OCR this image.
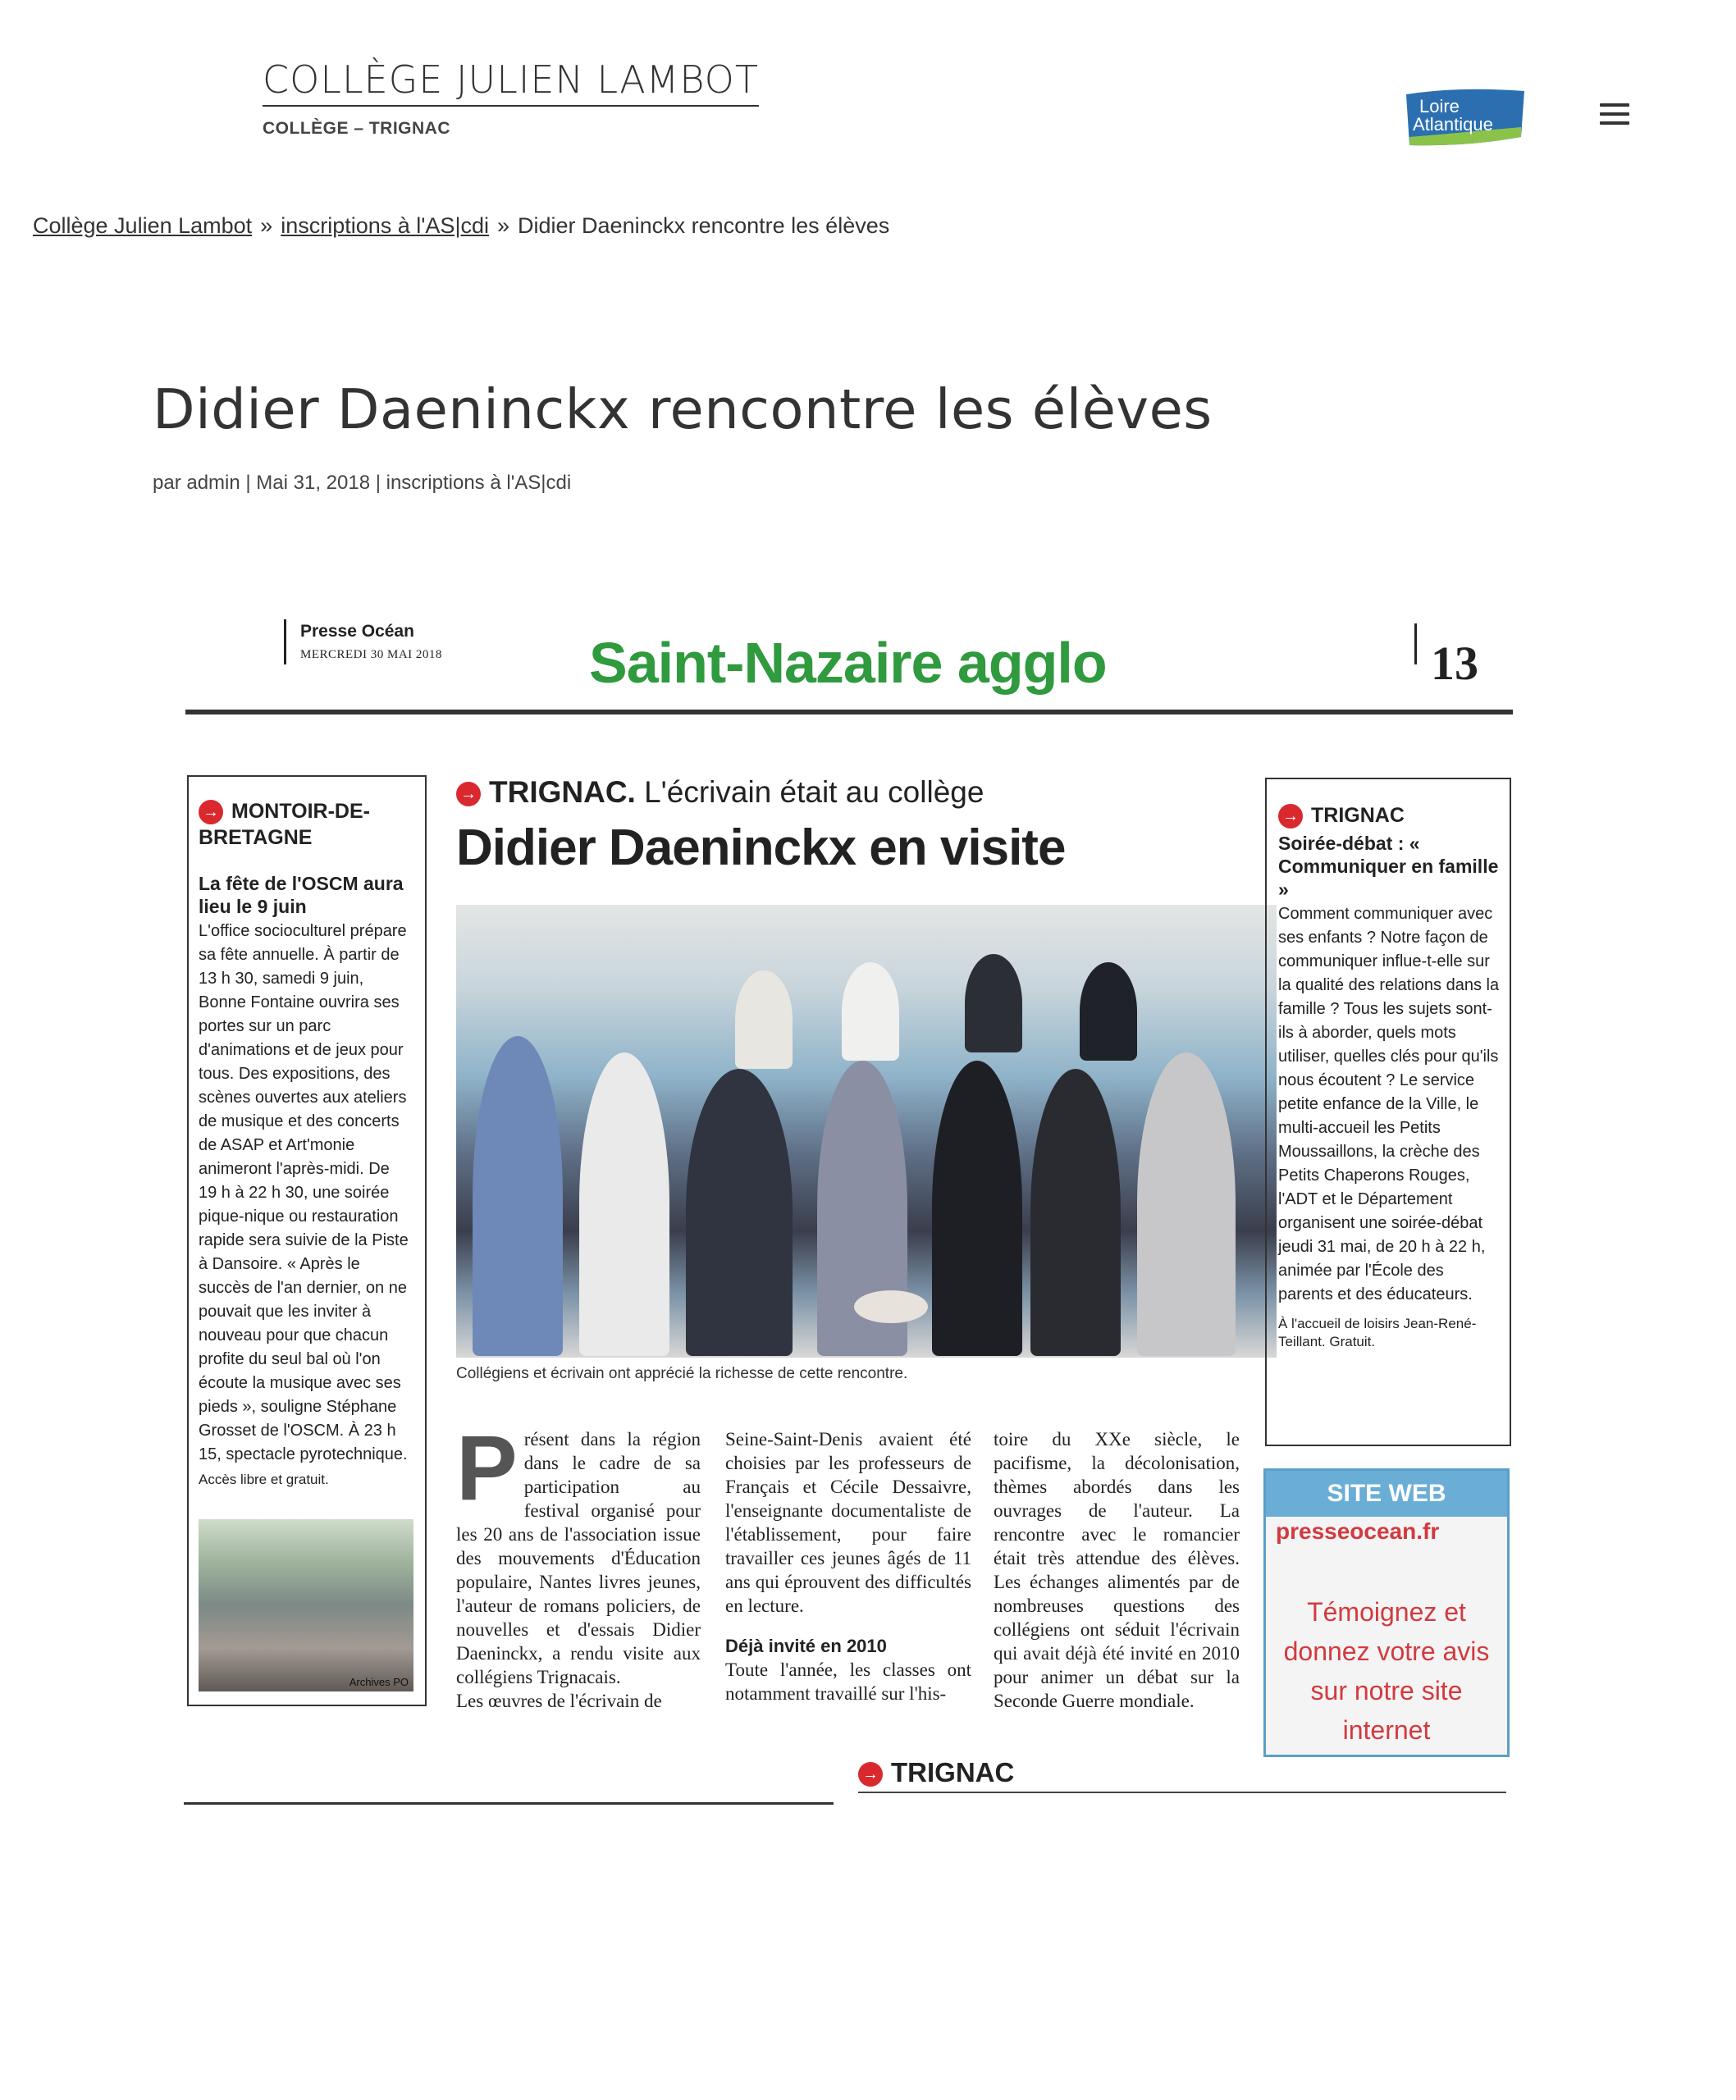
COLLÈGE JULIEN LAMBOT
COLLÈGE – TRIGNAC
Loire
Atlantique
Collège Julien Lambot » inscriptions à l'AS|cdi » Didier Daeninckx rencontre les élèves
Didier Daeninckx rencontre les élèves
par admin | Mai 31, 2018 | inscriptions à l'AS|cdi
Presse Océan
MERCREDI 30 MAI 2018	Saint-Nazaire agglo	13
→ MONTOIR-DE-BRETAGNE
La fête de l'OSCM aura lieu le 9 juin
L'office socioculturel prépare sa fête annuelle. À partir de 13 h 30, samedi 9 juin, Bonne Fontaine ouvrira ses portes sur un parc d'animations et de jeux pour tous. Des expositions, des scènes ouvertes aux ateliers de musique et des concerts de ASAP et Art'monie animeront l'après-midi. De 19 h à 22 h 30, une soirée pique-nique ou restauration rapide sera suivie de la Piste à Dansoire. « Après le succès de l'an dernier, on ne pouvait que les inviter à nouveau pour que chacun profite du seul bal où l'on écoute la musique avec ses pieds », souligne Stéphane Grosset de l'OSCM. À 23 h 15, spectacle pyrotechnique.
Accès libre et gratuit.
Archives PO
→ TRIGNAC. L'écrivain était au collège
Didier Daeninckx en visite
Collégiens et écrivain ont apprécié la richesse de cette rencontre.
Présent dans la région dans le cadre de sa participation au festival organisé pour les 20 ans de l'association issue des mouvements d'Éducation populaire, Nantes livres jeunes, l'auteur de romans policiers, de nouvelles et d'essais Didier Daeninckx, a rendu visite aux collégiens Trignacais.
Les œuvres de l'écrivain de
Seine-Saint-Denis avaient été choisies par les professeurs de Français et Cécile Dessaivre, l'enseignante documentaliste de l'établissement, pour faire travailler ces jeunes âgés de 11 ans qui éprouvent des difficultés en lecture.
Déjà invité en 2010
Toute l'année, les classes ont notamment travaillé sur l'his-
toire du XXe siècle, le pacifisme, la décolonisation, thèmes abordés dans les ouvrages de l'auteur. La rencontre avec le romancier était très attendue des élèves. Les échanges alimentés par de nombreuses questions des collégiens ont séduit l'écrivain qui avait déjà été invité en 2010 pour animer un débat sur la Seconde Guerre mondiale.
→ TRIGNAC
→ TRIGNAC
Soirée-débat : « Communiquer en famille »
Comment communiquer avec ses enfants ? Notre façon de communiquer influe-t-elle sur la qualité des relations dans la famille ? Tous les sujets sont-ils à aborder, quels mots utiliser, quelles clés pour qu'ils nous écoutent ? Le service petite enfance de la Ville, le multi-accueil les Petits Moussaillons, la crèche des Petits Chaperons Rouges, l'ADT et le Département organisent une soirée-débat jeudi 31 mai, de 20 h à 22 h, animée par l'École des parents et des éducateurs.
À l'accueil de loisirs Jean-René-Teillant. Gratuit.
SITE WEB
presseocean.fr
Témoignez et donnez votre avis sur notre site internet
